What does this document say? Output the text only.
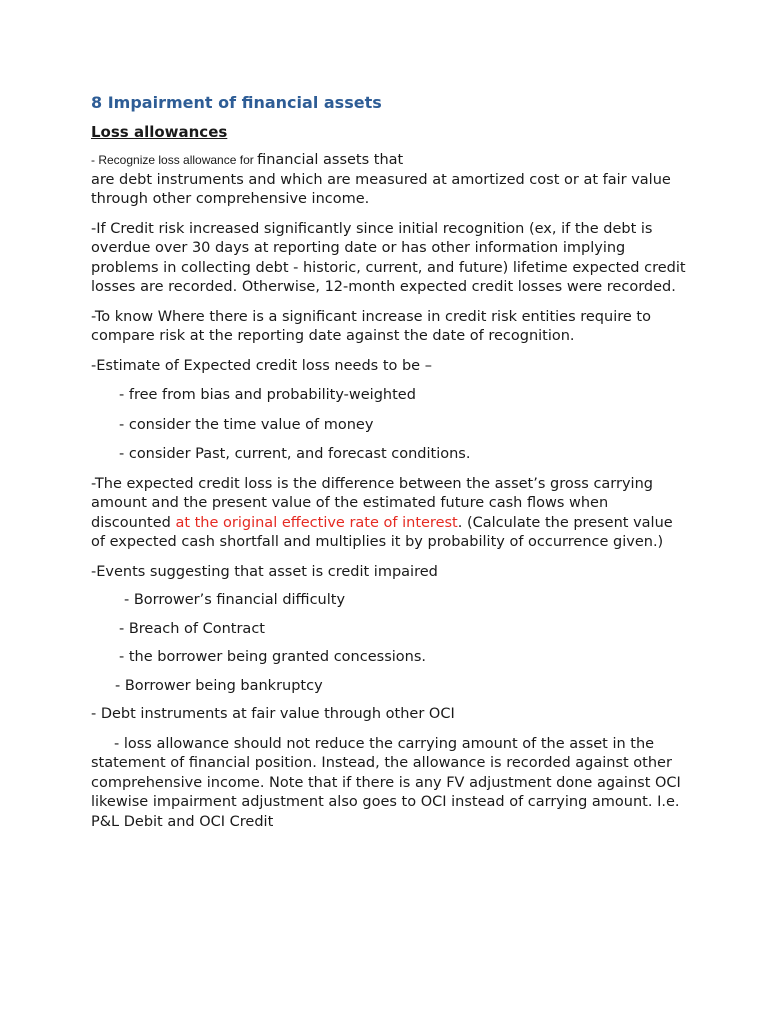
8 Impairment of financial assets
Loss allowances

- Recognize loss allowance for financial assets that
are debt instruments and which are measured at amortized cost or at fair value
through other comprehensive income.

-If Credit risk increased significantly since initial recognition (ex, if the debt is overdue over 30 days at reporting date or has other information implying problems in collecting debt - historic, current, and future) lifetime expected credit losses are recorded. Otherwise, 12-month expected credit losses were recorded.

-To know Where there is a significant increase in credit risk entities require to compare risk at the reporting date against the date of recognition.

-Estimate of Expected credit loss needs to be –

- free from bias and probability-weighted
- consider the time value of money
- consider Past, current, and forecast conditions.

-The expected credit loss is the difference between the asset’s gross carrying amount and the present value of the estimated future cash flows when discounted at the original effective rate of interest. (Calculate the present value of expected cash shortfall and multiplies it by probability of occurrence given.)

-Events suggesting that asset is credit impaired

- Borrower’s financial difficulty
- Breach of Contract
- the borrower being granted concessions.
- Borrower being bankruptcy

- Debt instruments at fair value through other OCI

- loss allowance should not reduce the carrying amount of the asset in the statement of financial position. Instead, the allowance is recorded against other comprehensive income. Note that if there is any FV adjustment done against OCI likewise impairment adjustment also goes to OCI instead of carrying amount. I.e. P&L Debit and OCI Credit
